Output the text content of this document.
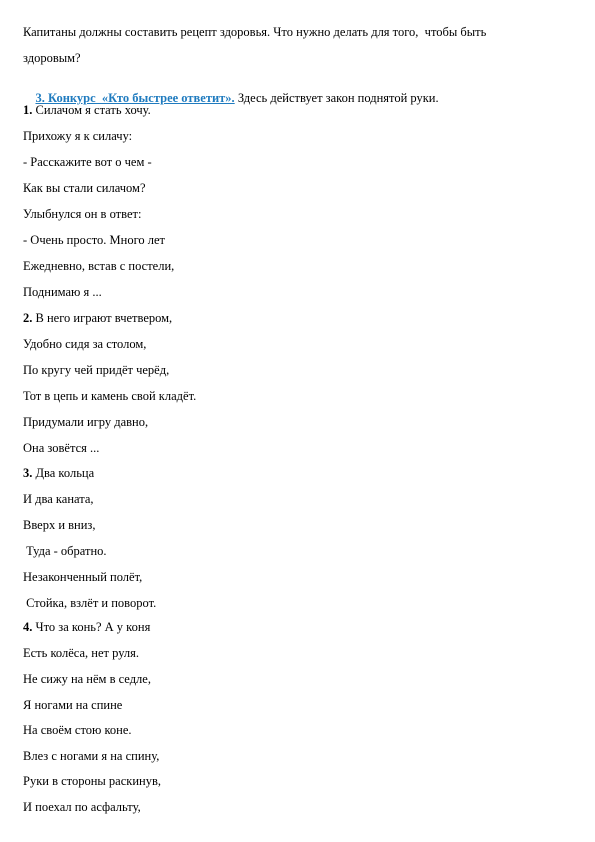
Капитаны должны составить рецепт здоровья. Что нужно делать для того,  чтобы быть
здоровым?

3. Конкурс  «Кто быстрее ответит». Здесь действует закон поднятой руки.

1. Силачом я стать хочу.
Прихожу я к силачу:
- Расскажите вот о чем -
Как вы стали силачом?
Улыбнулся он в ответ:
- Очень просто. Много лет
Ежедневно, встав с постели,
Поднимаю я ...
2. В него играют вчетвером,
Удобно сидя за столом,
По кругу чей придёт черёд,
Тот в цепь и камень свой кладёт.
Придумали игру давно,
Она зовётся ...
3. Два кольца
И два каната,
Вверх и вниз,
Туда - обратно.
Незаконченный полёт,
Стойка, взлёт и поворот.
4. Что за конь? А у коня
Есть колёса, нет руля.
Не сижу на нём в седле,
Я ногами на спине
На своём стою коне.
Влез с ногами я на спину,
Руки в стороны раскинув,
И поехал по асфальту,
